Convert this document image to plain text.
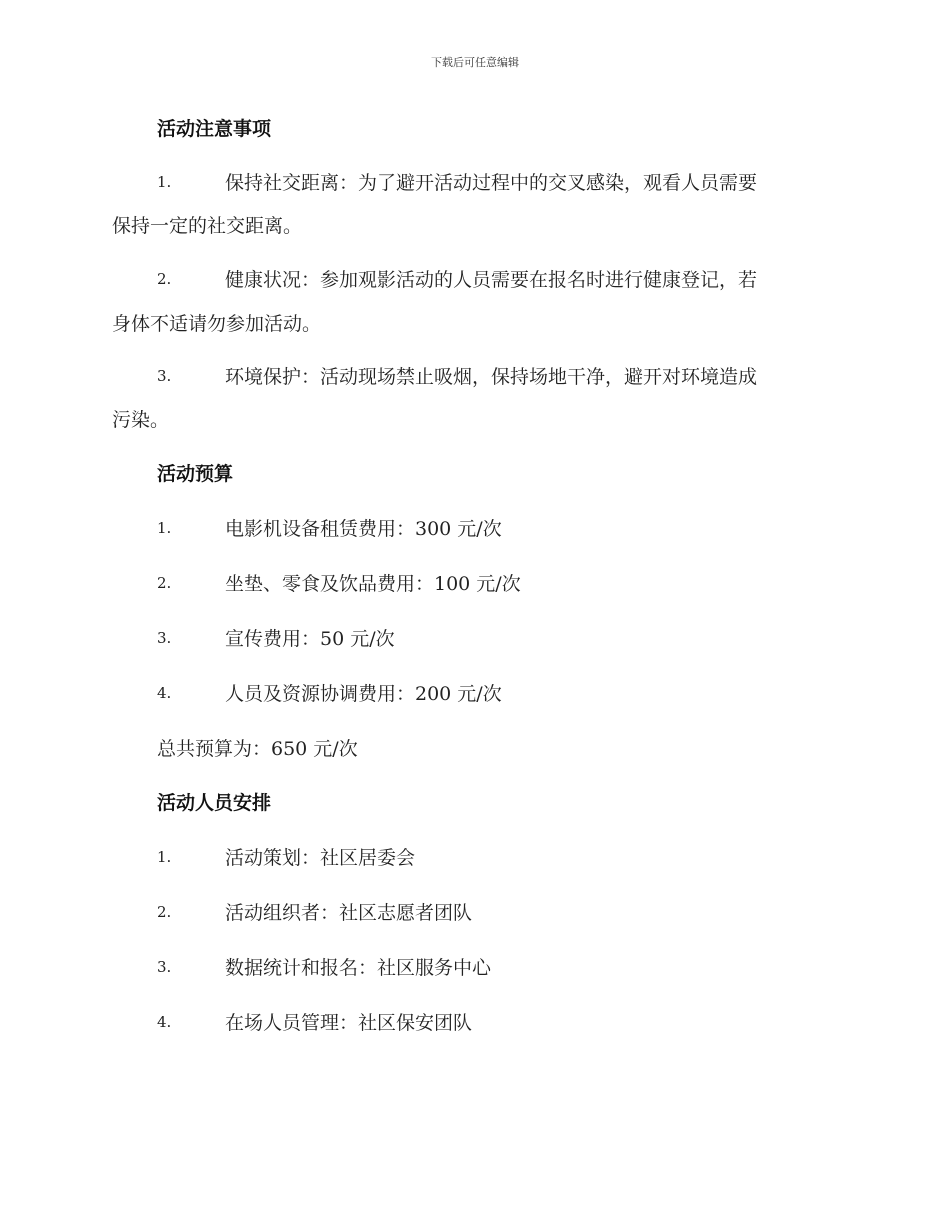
下载后可任意编辑
活动注意事项
1.	保持社交距离：为了避开活动过程中的交叉感染，观看人员需要
保持一定的社交距离。
2.	健康状况：参加观影活动的人员需要在报名时进行健康登记，若
身体不适请勿参加活动。
3.	环境保护：活动现场禁止吸烟，保持场地干净，避开对环境造成
污染。
活动预算
1.	电影机设备租赁费用：300 元/次
2.	坐垫、零食及饮品费用：100 元/次
3.	宣传费用：50 元/次
4.	人员及资源协调费用：200 元/次
总共预算为：650 元/次
活动人员安排
1.	活动策划：社区居委会
2.	活动组织者：社区志愿者团队
3.	数据统计和报名：社区服务中心
4.	在场人员管理：社区保安团队
